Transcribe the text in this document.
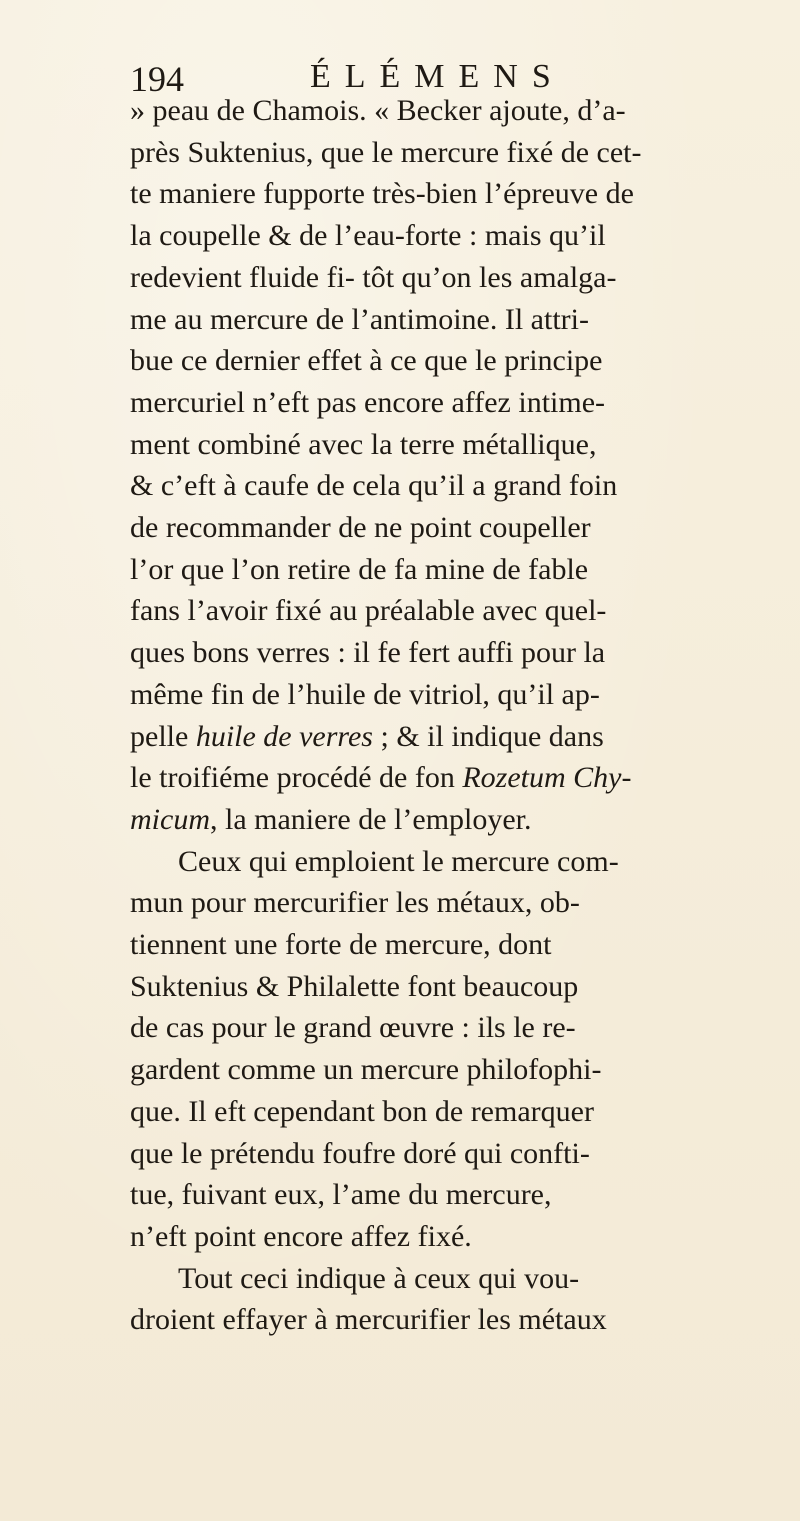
194	ÉLÉMENS
» peau de Chamois. « Becker ajoute, d’a-
près Suktenius, que le mercure fixé de cet-
te maniere fupporte très-bien l’épreuve de
la coupelle & de l’eau-forte : mais qu’il
redevient fluide fi- tôt qu’on les amalga-
me au mercure de l’antimoine. Il attri-
bue ce dernier effet à ce que le principe
mercuriel n’eft pas encore affez intime-
ment combiné avec la terre métallique,
& c’eft à caufe de cela qu’il a grand foin
de recommander de ne point coupeller
l’or que l’on retire de fa mine de fable
fans l’avoir fixé au préalable avec quel-
ques bons verres : il fe fert auffi pour la
même fin de l’huile de vitriol, qu’il ap-
pelle huile de verres ; & il indique dans
le troifiéme procédé de fon Rozetum Chy-
micum, la maniere de l’employer.
Ceux qui emploient le mercure com-
mun pour mercurifier les métaux, ob-
tiennent une forte de mercure, dont
Suktenius & Philalette font beaucoup
de cas pour le grand œuvre : ils le re-
gardent comme un mercure philofophi-
que. Il eft cependant bon de remarquer
que le prétendu foufre doré qui confti-
tue, fuivant eux, l’ame du mercure,
n’eft point encore affez fixé.
Tout ceci indique à ceux qui vou-
droient effayer à mercurifier les métaux
